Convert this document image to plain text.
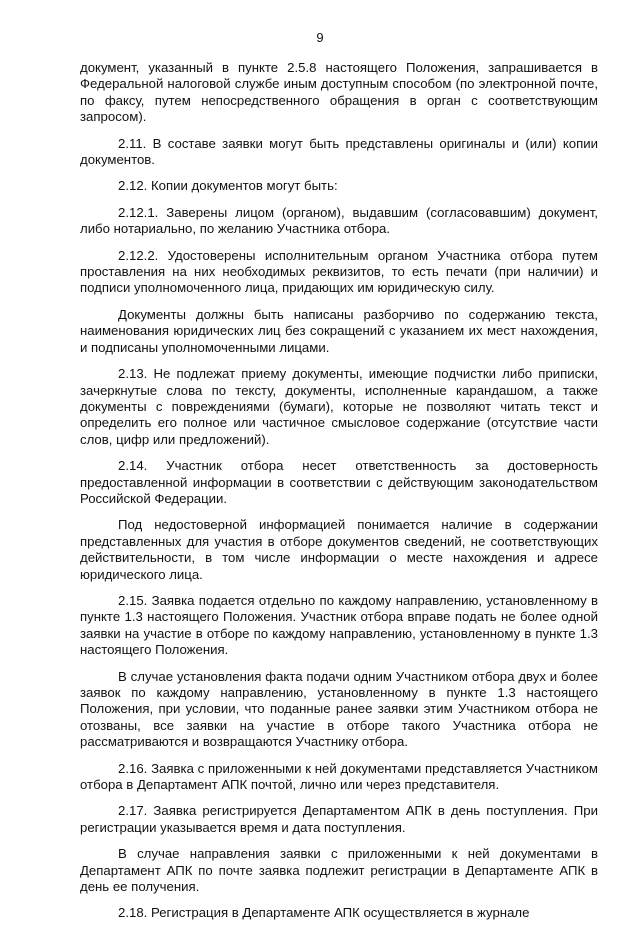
9

документ, указанный в пункте 2.5.8 настоящего Положения, запрашивается в Федеральной налоговой службе иным доступным способом (по электронной почте, по факсу, путем непосредственного обращения в орган с соответствующим запросом).

2.11. В составе заявки могут быть представлены оригиналы и (или) копии документов.

2.12. Копии документов могут быть:

2.12.1. Заверены лицом (органом), выдавшим (согласовавшим) документ, либо нотариально, по желанию Участника отбора.

2.12.2. Удостоверены исполнительным органом Участника отбора путем проставления на них необходимых реквизитов, то есть печати (при наличии) и подписи уполномоченного лица, придающих им юридическую силу.

Документы должны быть написаны разборчиво по содержанию текста, наименования юридических лиц без сокращений с указанием их мест нахождения, и подписаны уполномоченными лицами.

2.13. Не подлежат приему документы, имеющие подчистки либо приписки, зачеркнутые слова по тексту, документы, исполненные карандашом, а также документы с повреждениями (бумаги), которые не позволяют читать текст и определить его полное или частичное смысловое содержание (отсутствие части слов, цифр или предложений).

2.14. Участник отбора несет ответственность за достоверность предоставленной информации в соответствии с действующим законодательством Российской Федерации.

Под недостоверной информацией понимается наличие в содержании представленных для участия в отборе документов сведений, не соответствующих действительности, в том числе информации о месте нахождения и адресе юридического лица.

2.15. Заявка подается отдельно по каждому направлению, установленному в пункте 1.3 настоящего Положения. Участник отбора вправе подать не более одной заявки на участие в отборе по каждому направлению, установленному в пункте 1.3 настоящего Положения.

В случае установления факта подачи одним Участником отбора двух и более заявок по каждому направлению, установленному в пункте 1.3 настоящего Положения, при условии, что поданные ранее заявки этим Участником отбора не отозваны, все заявки на участие в отборе такого Участника отбора не рассматриваются и возвращаются Участнику отбора.

2.16. Заявка с приложенными к ней документами представляется Участником отбора в Департамент АПК почтой, лично или через представителя.

2.17. Заявка регистрируется Департаментом АПК в день поступления. При регистрации указывается время и дата поступления.

В случае направления заявки с приложенными к ней документами в Департамент АПК по почте заявка подлежит регистрации в Департаменте АПК в день ее получения.

2.18. Регистрация в Департаменте АПК осуществляется в журнале
